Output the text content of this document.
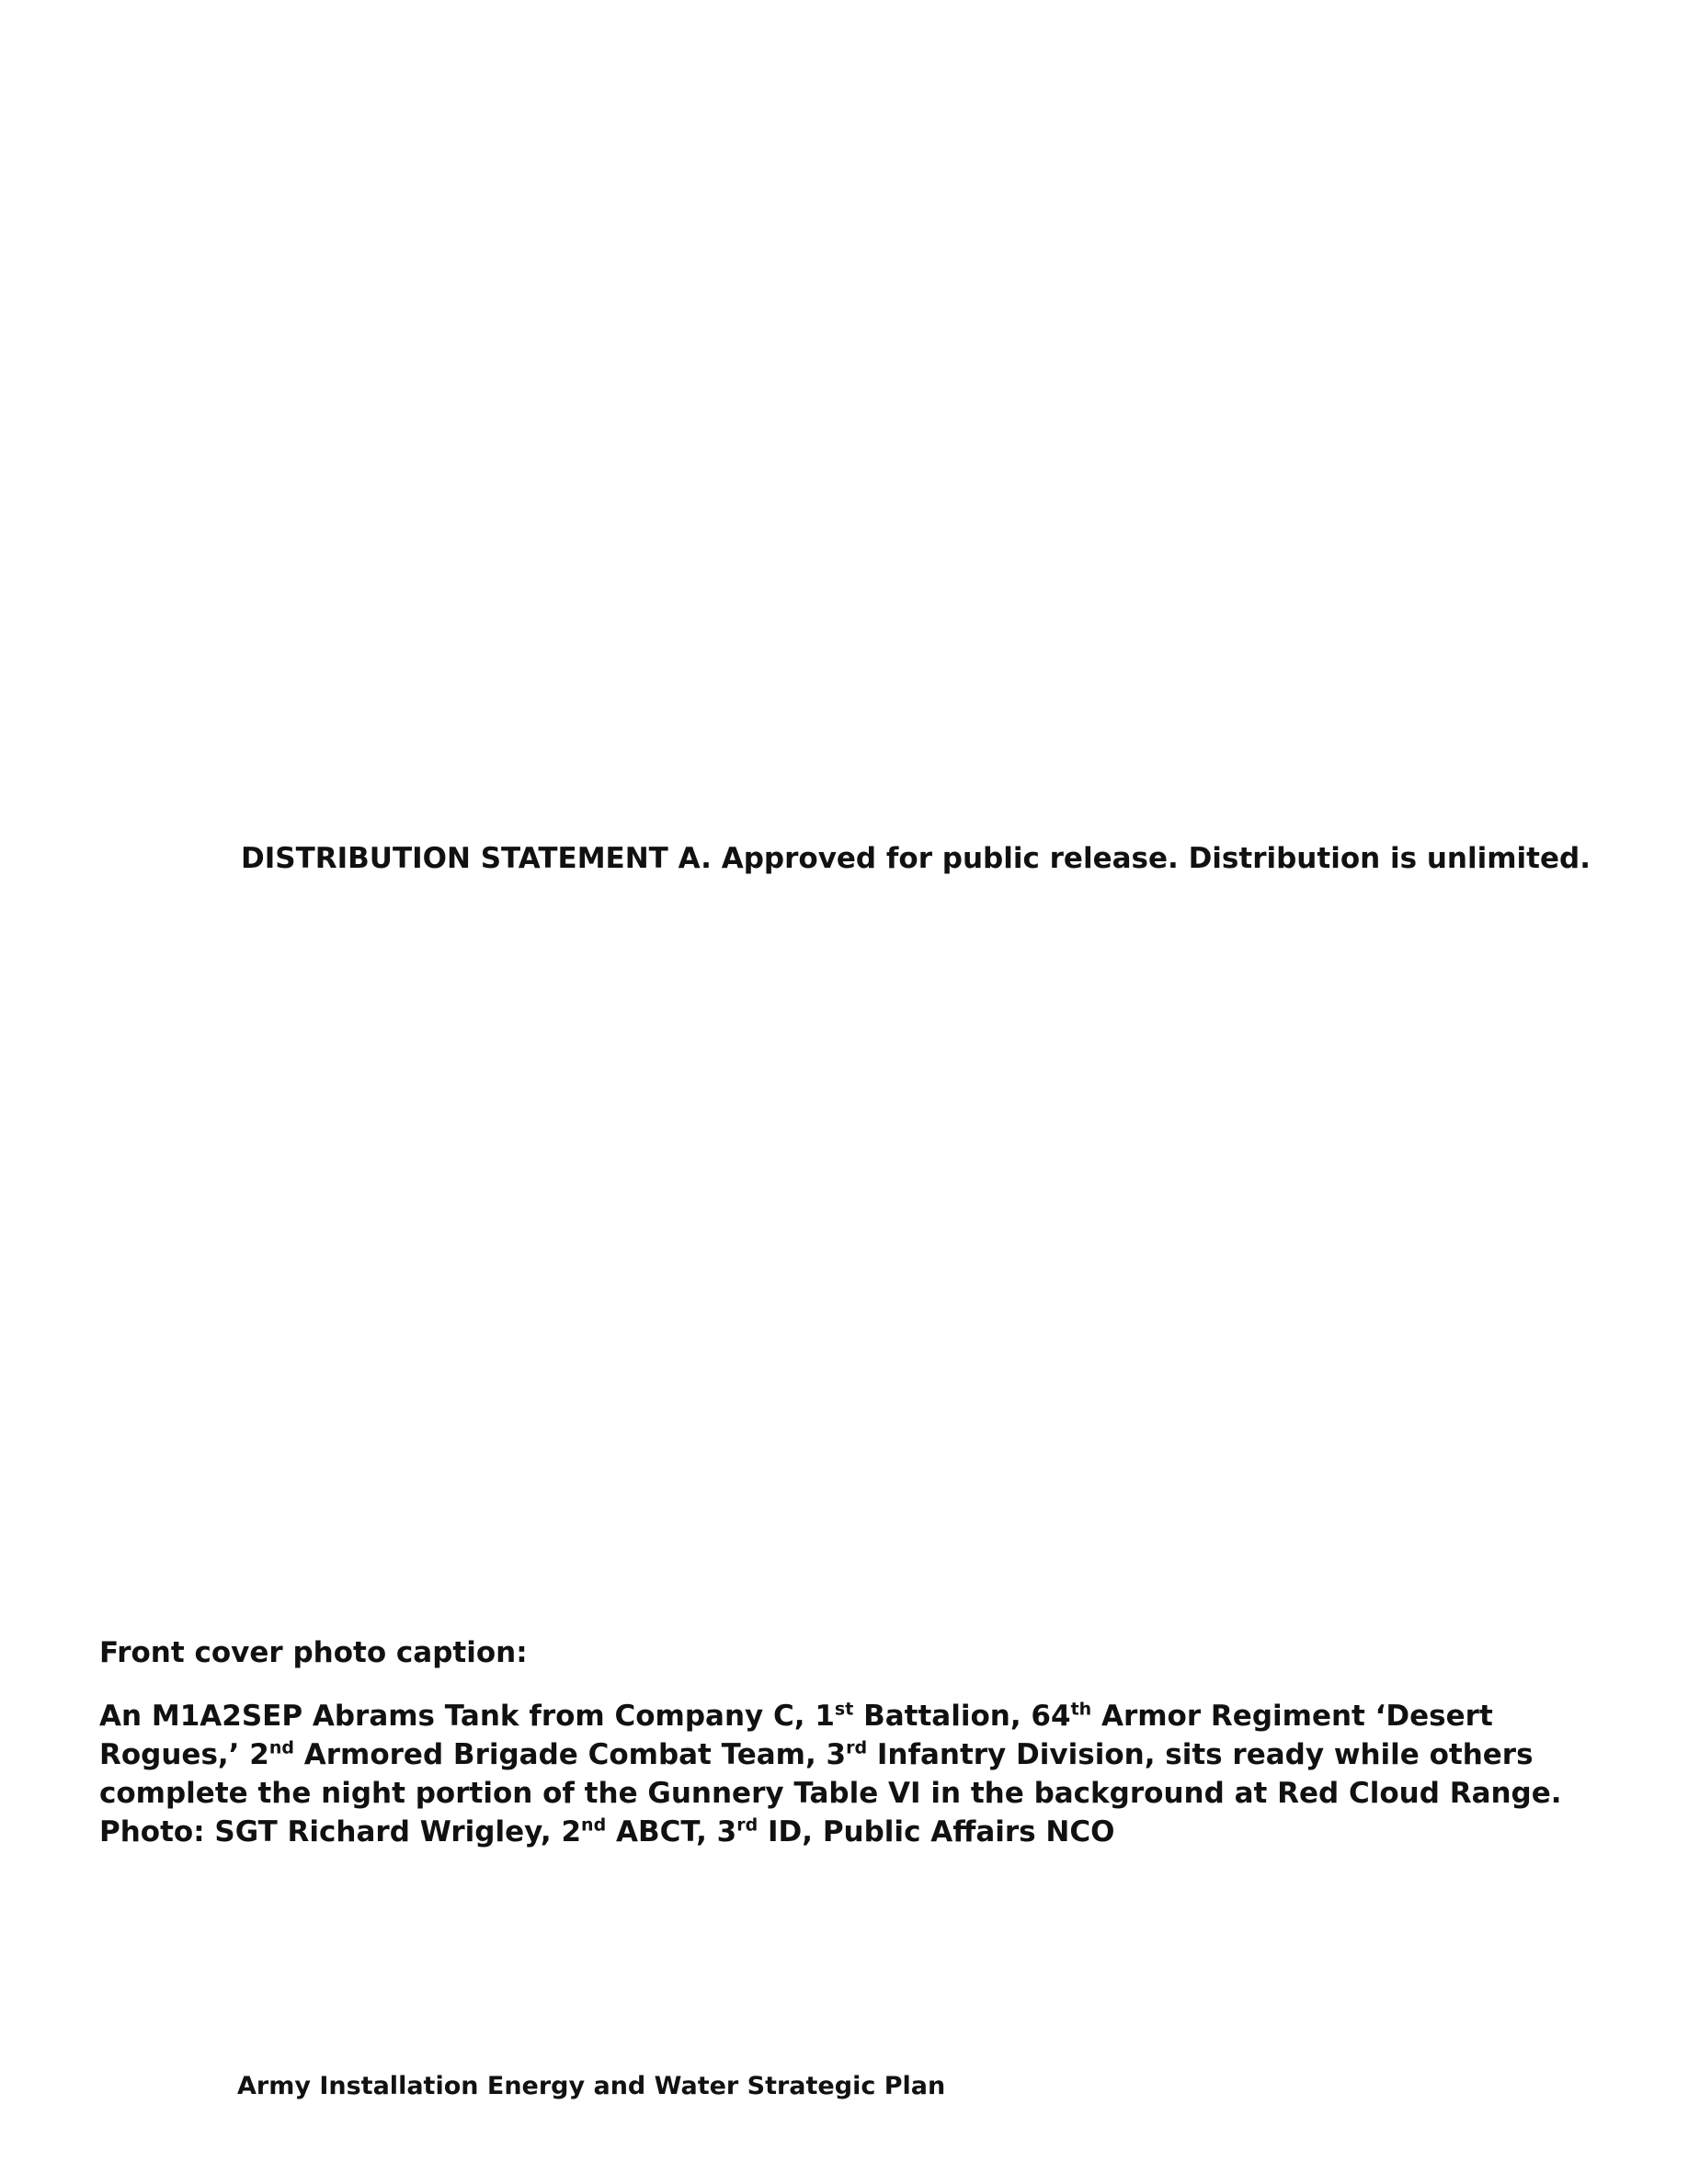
DISTRIBUTION STATEMENT A. Approved for public release. Distribution is unlimited.
Front cover photo caption:
An M1A2SEP Abrams Tank from Company C, 1st Battalion, 64th Armor Regiment ‘Desert Rogues,’ 2nd Armored Brigade Combat Team, 3rd Infantry Division, sits ready while others complete the night portion of the Gunnery Table VI in the background at Red Cloud Range. Photo: SGT Richard Wrigley, 2nd ABCT, 3rd ID, Public Affairs NCO
Army Installation Energy and Water Strategic Plan
